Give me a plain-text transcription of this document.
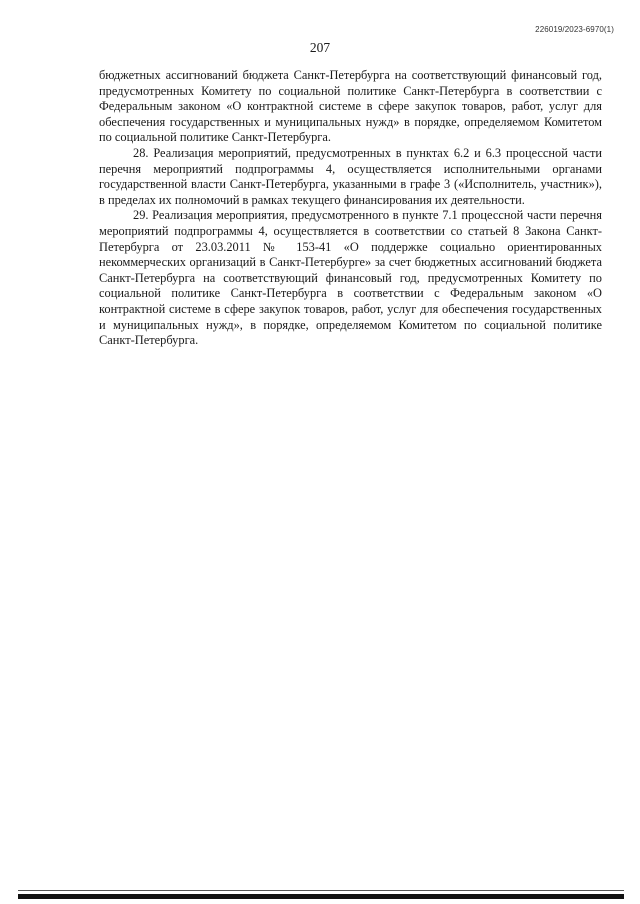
226019/2023-6970(1)
207

бюджетных ассигнований бюджета Санкт-Петербурга на соответствующий финансовый год, предусмотренных Комитету по социальной политике Санкт-Петербурга в соответствии с Федеральным законом «О контрактной системе в сфере закупок товаров, работ, услуг для обеспечения государственных и муниципальных нужд» в порядке, определяемом Комитетом по социальной политике Санкт-Петербурга.

28. Реализация мероприятий, предусмотренных в пунктах 6.2 и 6.3 процессной части перечня мероприятий подпрограммы 4, осуществляется исполнительными органами государственной власти Санкт-Петербурга, указанными в графе 3 («Исполнитель, участник»), в пределах их полномочий в рамках текущего финансирования их деятельности.

29. Реализация мероприятия, предусмотренного в пункте 7.1 процессной части перечня мероприятий подпрограммы 4, осуществляется в соответствии со статьей 8 Закона Санкт-Петербурга от 23.03.2011 № 153-41 «О поддержке социально ориентированных некоммерческих организаций в Санкт-Петербурге» за счет бюджетных ассигнований бюджета Санкт-Петербурга на соответствующий финансовый год, предусмотренных Комитету по социальной политике Санкт-Петербурга в соответствии с Федеральным законом «О контрактной системе в сфере закупок товаров, работ, услуг для обеспечения государственных и муниципальных нужд», в порядке, определяемом Комитетом по социальной политике Санкт-Петербурга.
